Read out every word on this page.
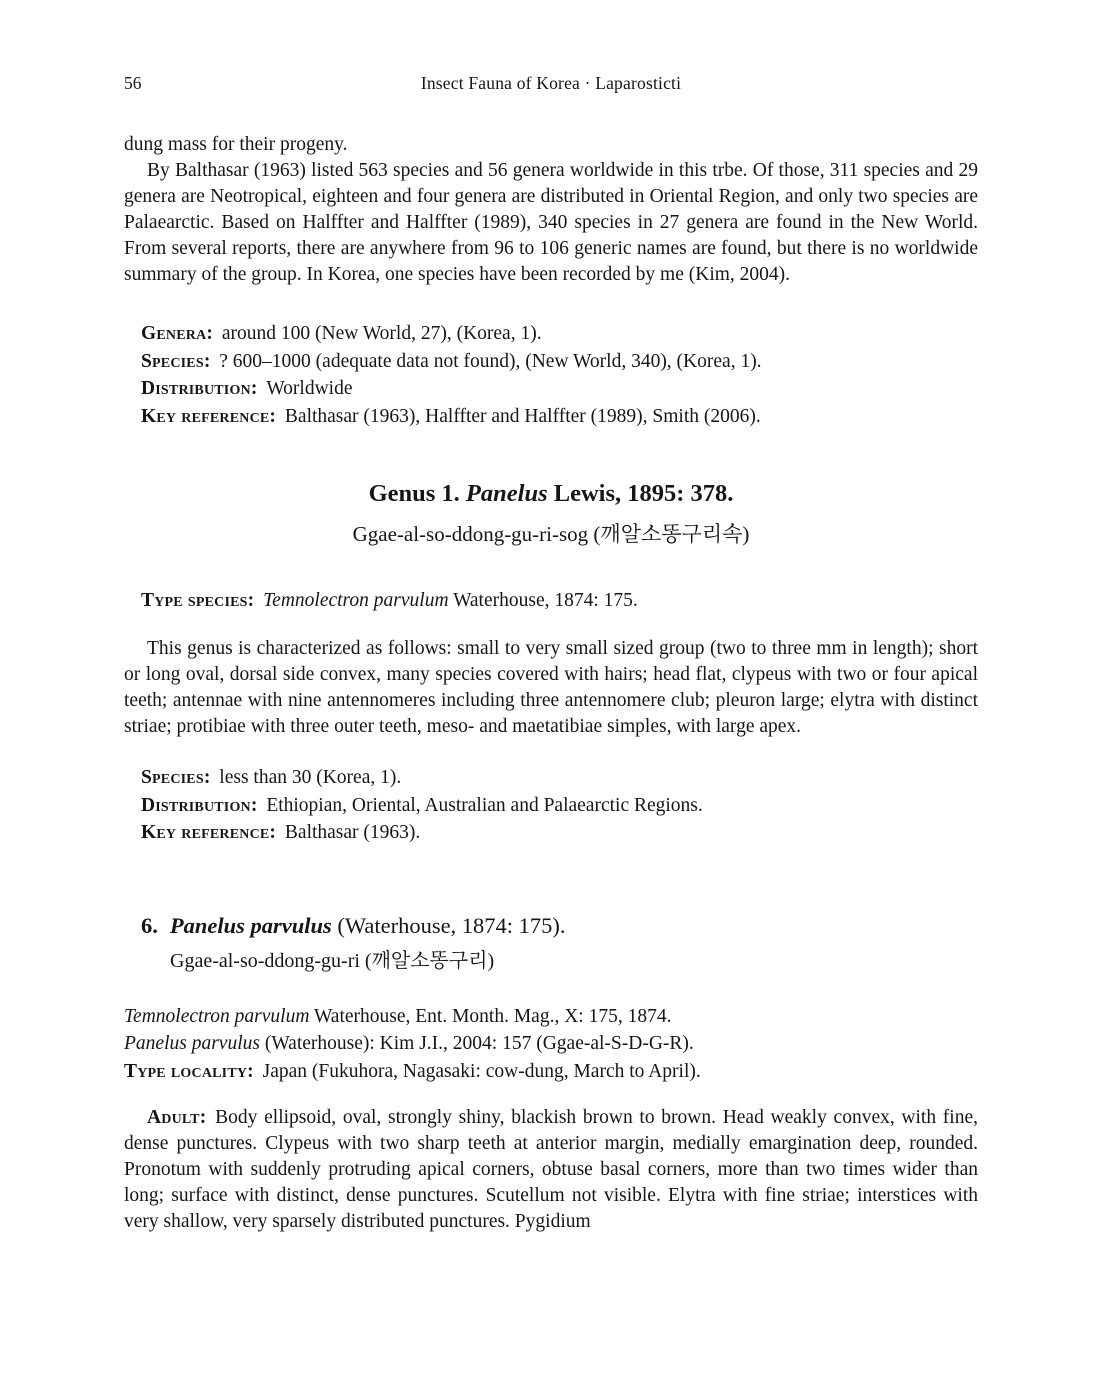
56	Insect Fauna of Korea · Laparosticti

dung mass for their progeny.

By Balthasar (1963) listed 563 species and 56 genera worldwide in this trbe. Of those, 311 species and 29 genera are Neotropical, eighteen and four genera are distributed in Oriental Region, and only two species are Palaearctic. Based on Halffter and Halffter (1989), 340 species in 27 genera are found in the New World. From several reports, there are anywhere from 96 to 106 generic names are found, but there is no worldwide summary of the group. In Korea, one species have been recorded by me (Kim, 2004).

Genera: around 100 (New World, 27), (Korea, 1).
Species: ? 600–1000 (adequate data not found), (New World, 340), (Korea, 1).
Distribution: Worldwide
Key reference: Balthasar (1963), Halffter and Halffter (1989), Smith (2006).
Genus 1. Panelus Lewis, 1895: 378.
Ggae-al-so-ddong-gu-ri-sog (깨알소똥구리속)
Type species: Temnolectron parvulum Waterhouse, 1874: 175.

This genus is characterized as follows: small to very small sized group (two to three mm in length); short or long oval, dorsal side convex, many species covered with hairs; head flat, clypeus with two or four apical teeth; antennae with nine antennomeres including three antennomere club; pleuron large; elytra with distinct striae; protibiae with three outer teeth, meso- and maetatibiae simples, with large apex.

Species: less than 30 (Korea, 1).
Distribution: Ethiopian, Oriental, Australian and Palaearctic Regions.
Key reference: Balthasar (1963).
6. Panelus parvulus (Waterhouse, 1874: 175).
Ggae-al-so-ddong-gu-ri (깨알소똥구리)
Temnolectron parvulum Waterhouse, Ent. Month. Mag., X: 175, 1874.
Panelus parvulus (Waterhouse): Kim J.I., 2004: 157 (Ggae-al-S-D-G-R).
Type locality: Japan (Fukuhora, Nagasaki: cow-dung, March to April).

Adult: Body ellipsoid, oval, strongly shiny, blackish brown to brown. Head weakly convex, with fine, dense punctures. Clypeus with two sharp teeth at anterior margin, medially emargination deep, rounded. Pronotum with suddenly protruding apical corners, obtuse basal corners, more than two times wider than long; surface with distinct, dense punctures. Scutellum not visible. Elytra with fine striae; interstices with very shallow, very sparsely distributed punctures. Pygidium
